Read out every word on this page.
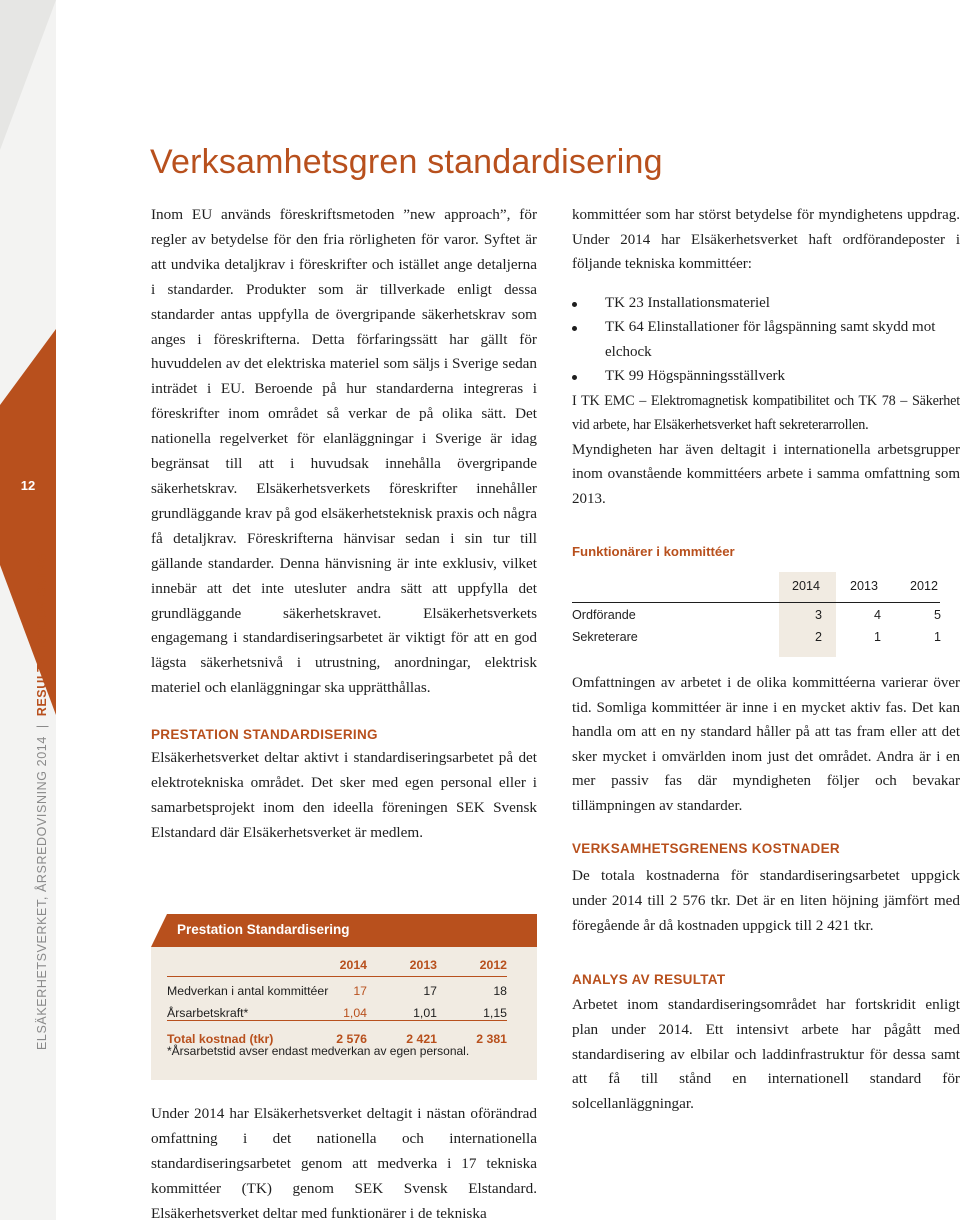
12
ELSÄKERHETSVERKET, ÅRSREDOVISNING 2014|RESULTATREDOVISNING
Verksamhetsgren standardisering

Inom EU används föreskriftsmetoden ”new approach”, för regler av betydelse för den fria rörligheten för varor. Syftet är att undvika detaljkrav i föreskrifter och istället ange detaljerna i standarder. Produkter som är tillverkade enligt dessa standarder antas uppfylla de övergripande säkerhetskrav som anges i föreskrifterna. Detta förfaringssätt har gällt för huvuddelen av det elektriska materiel som säljs i Sverige sedan inträdet i EU. Beroende på hur standarderna integreras i föreskrifter inom området så verkar de på olika sätt. Det nationella regelverket för elanläggningar i Sverige är idag begränsat till att i huvudsak innehålla övergripande säkerhetskrav. Elsäkerhetsverkets föreskrifter innehåller grundläggande krav på god elsäkerhetsteknisk praxis och några få detaljkrav. Föreskrifterna hänvisar sedan i sin tur till gällande standarder. Denna hänvisning är inte exklusiv, vilket innebär att det inte utesluter andra sätt att uppfylla det grundläggande säkerhetskravet. Elsäkerhetsverkets engagemang i standardiseringsarbetet är viktigt för att en god lägsta säkerhetsnivå i utrustning, anordningar, elektrisk materiel och elanläggningar ska upprätthållas.

PRESTATION STANDARDISERING

Elsäkerhetsverket deltar aktivt i standardiseringsarbetet på det elektrotekniska området. Det sker med egen personal eller i samarbetsprojekt inom den ideella föreningen SEK Svensk Elstandard där Elsäkerhetsverket är medlem.

Prestation Standardisering
2014	2013	2012
Medverkan i antal kommittéer 17	17	18
Årsarbetskraft*	1,04	1,01	1,15
Total kostnad (tkr)	2 576	2 421	2 381
*Årsarbetstid avser endast medverkan av egen personal.

Under 2014 har Elsäkerhetsverket deltagit i nästan oförändrad omfattning i det nationella och internationella standardiseringsarbetet genom att medverka i 17 tekniska kommittéer (TK) genom SEK Svensk Elstandard. Elsäkerhetsverket deltar med funktionärer i de tekniska

kommittéer som har störst betydelse för myndighetens uppdrag. Under 2014 har Elsäkerhetsverket haft ordförandeposter i följande tekniska kommittéer:

TK 23 Installationsmateriel
TK 64 Elinstallationer för lågspänning samt skydd mot elchock
TK 99 Högspänningsställverk

I TK EMC – Elektromagnetisk kompatibilitet och TK 78 – Säkerhet vid arbete, har Elsäkerhetsverket haft sekreterarrollen.

Myndigheten har även deltagit i internationella arbetsgrupper inom ovanstående kommittéers arbete i samma omfattning som 2013.

Funktionärer i kommittéer
2014 2013	2012
Ordförande	3	4	5
Sekreterare	2	1	1

Omfattningen av arbetet i de olika kommittéerna varierar över tid. Somliga kommittéer är inne i en mycket aktiv fas. Det kan handla om att en ny standard håller på att tas fram eller att det sker mycket i omvärlden inom just det området. Andra är i en mer passiv fas där myndigheten följer och bevakar tillämpningen av standarder.

VERKSAMHETSGRENENS KOSTNADER

De totala kostnaderna för standardiseringsarbetet uppgick under 2014 till 2 576 tkr. Det är en liten höjning jämfört med föregående år då kostnaden uppgick till 2 421 tkr.

ANALYS AV RESULTAT

Arbetet inom standardiseringsområdet har fortskridit enligt plan under 2014. Ett intensivt arbete har pågått med standardisering av elbilar och laddinfrastruktur för dessa samt att få till stånd en internationell standard för solcellanläggningar.
